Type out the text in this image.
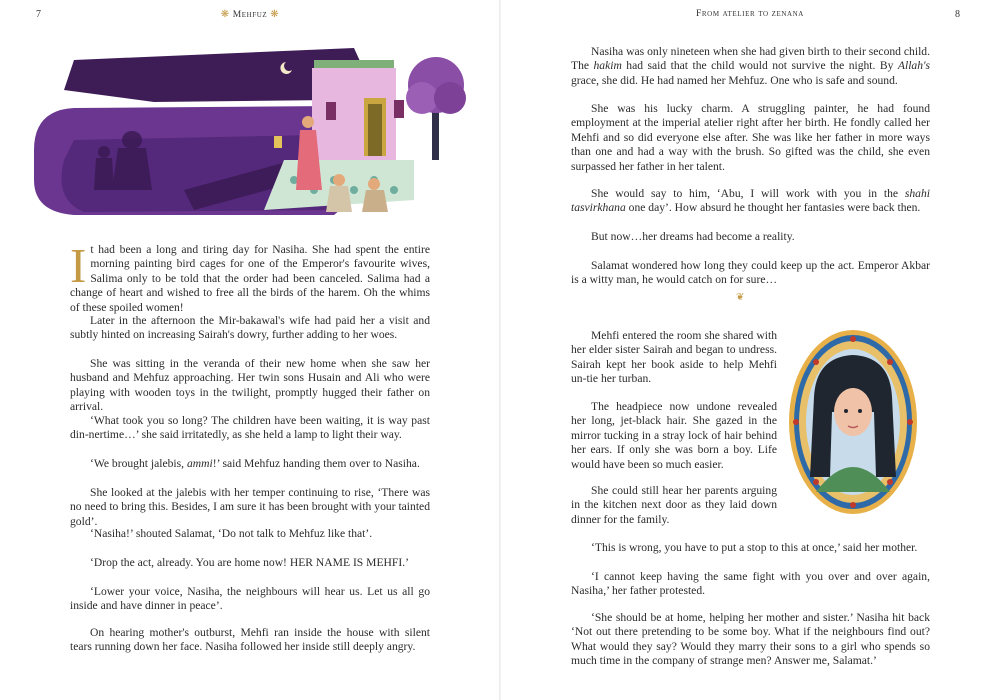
7	❋ Mehfuz ❋

It had been a long and tiring day for Nasiha. She had spent the entire morning painting bird cages for one of the Emperor's favourite wives, Salima only to be told that the order had been canceled. Salima had a change of heart and wished to free all the birds of the harem. Oh the whims of these spoiled women!

Later in the afternoon the Mir-bakawal's wife had paid her a visit and subtly hinted on increasing Sairah's dowry, further adding to her woes.

She was sitting in the veranda of their new home when she saw her husband and Mehfuz approaching. Her twin sons Husain and Ali who were playing with wooden toys in the twilight, promptly hugged their father on arrival.

‘What took you so long? The children have been waiting, it is way past din-nertime…’ she said irritatedly, as she held a lamp to light their way.

‘We brought jalebis, ammi!’ said Mehfuz handing them over to Nasiha.

She looked at the jalebis with her temper continuing to rise, ‘There was no need to bring this. Besides, I am sure it has been brought with your tainted gold’.

‘Nasiha!’ shouted Salamat, ‘Do not talk to Mehfuz like that’.

‘Drop the act, already. You are home now! HER NAME IS MEHFI.’

‘Lower your voice, Nasiha, the neighbours will hear us. Let us all go inside and have dinner in peace’.

On hearing mother's outburst, Mehfi ran inside the house with silent tears running down her face. Nasiha followed her inside still deeply angry.

From atelier to zenana	8

Nasiha was only nineteen when she had given birth to their second child. The hakim had said that the child would not survive the night. By Allah's grace, she did. He had named her Mehfuz. One who is safe and sound.

She was his lucky charm. A struggling painter, he had found employment at the imperial atelier right after her birth. He fondly called her Mehfi and so did everyone else after. She was like her father in more ways than one and had a way with the brush. So gifted was the child, she even surpassed her father in her talent.

She would say to him, ‘Abu, I will work with you in the shahi tasvirkhana one day’. How absurd he thought her fantasies were back then.

But now…her dreams had become a reality.

Salamat wondered how long they could keep up the act. Emperor Akbar is a witty man, he would catch on for sure…

❦

Mehfi entered the room she shared with her elder sister Sairah and began to undress. Sairah kept her book aside to help Mehfi un-tie her turban.

The headpiece now undone revealed her long, jet-black hair. She gazed in the mirror tucking in a stray lock of hair behind her ears. If only she was born a boy. Life would have been so much easier.

She could still hear her parents arguing in the kitchen next door as they laid down dinner for the family.

‘This is wrong, you have to put a stop to this at once,’ said her mother.

‘I cannot keep having the same fight with you over and over again, Nasiha,’ her father protested.

‘She should be at home, helping her mother and sister.’ Nasiha hit back ‘Not out there pretending to be some boy. What if the neighbours find out? What would they say? Would they marry their sons to a girl who spends so much time in the company of strange men? Answer me, Salamat.’
